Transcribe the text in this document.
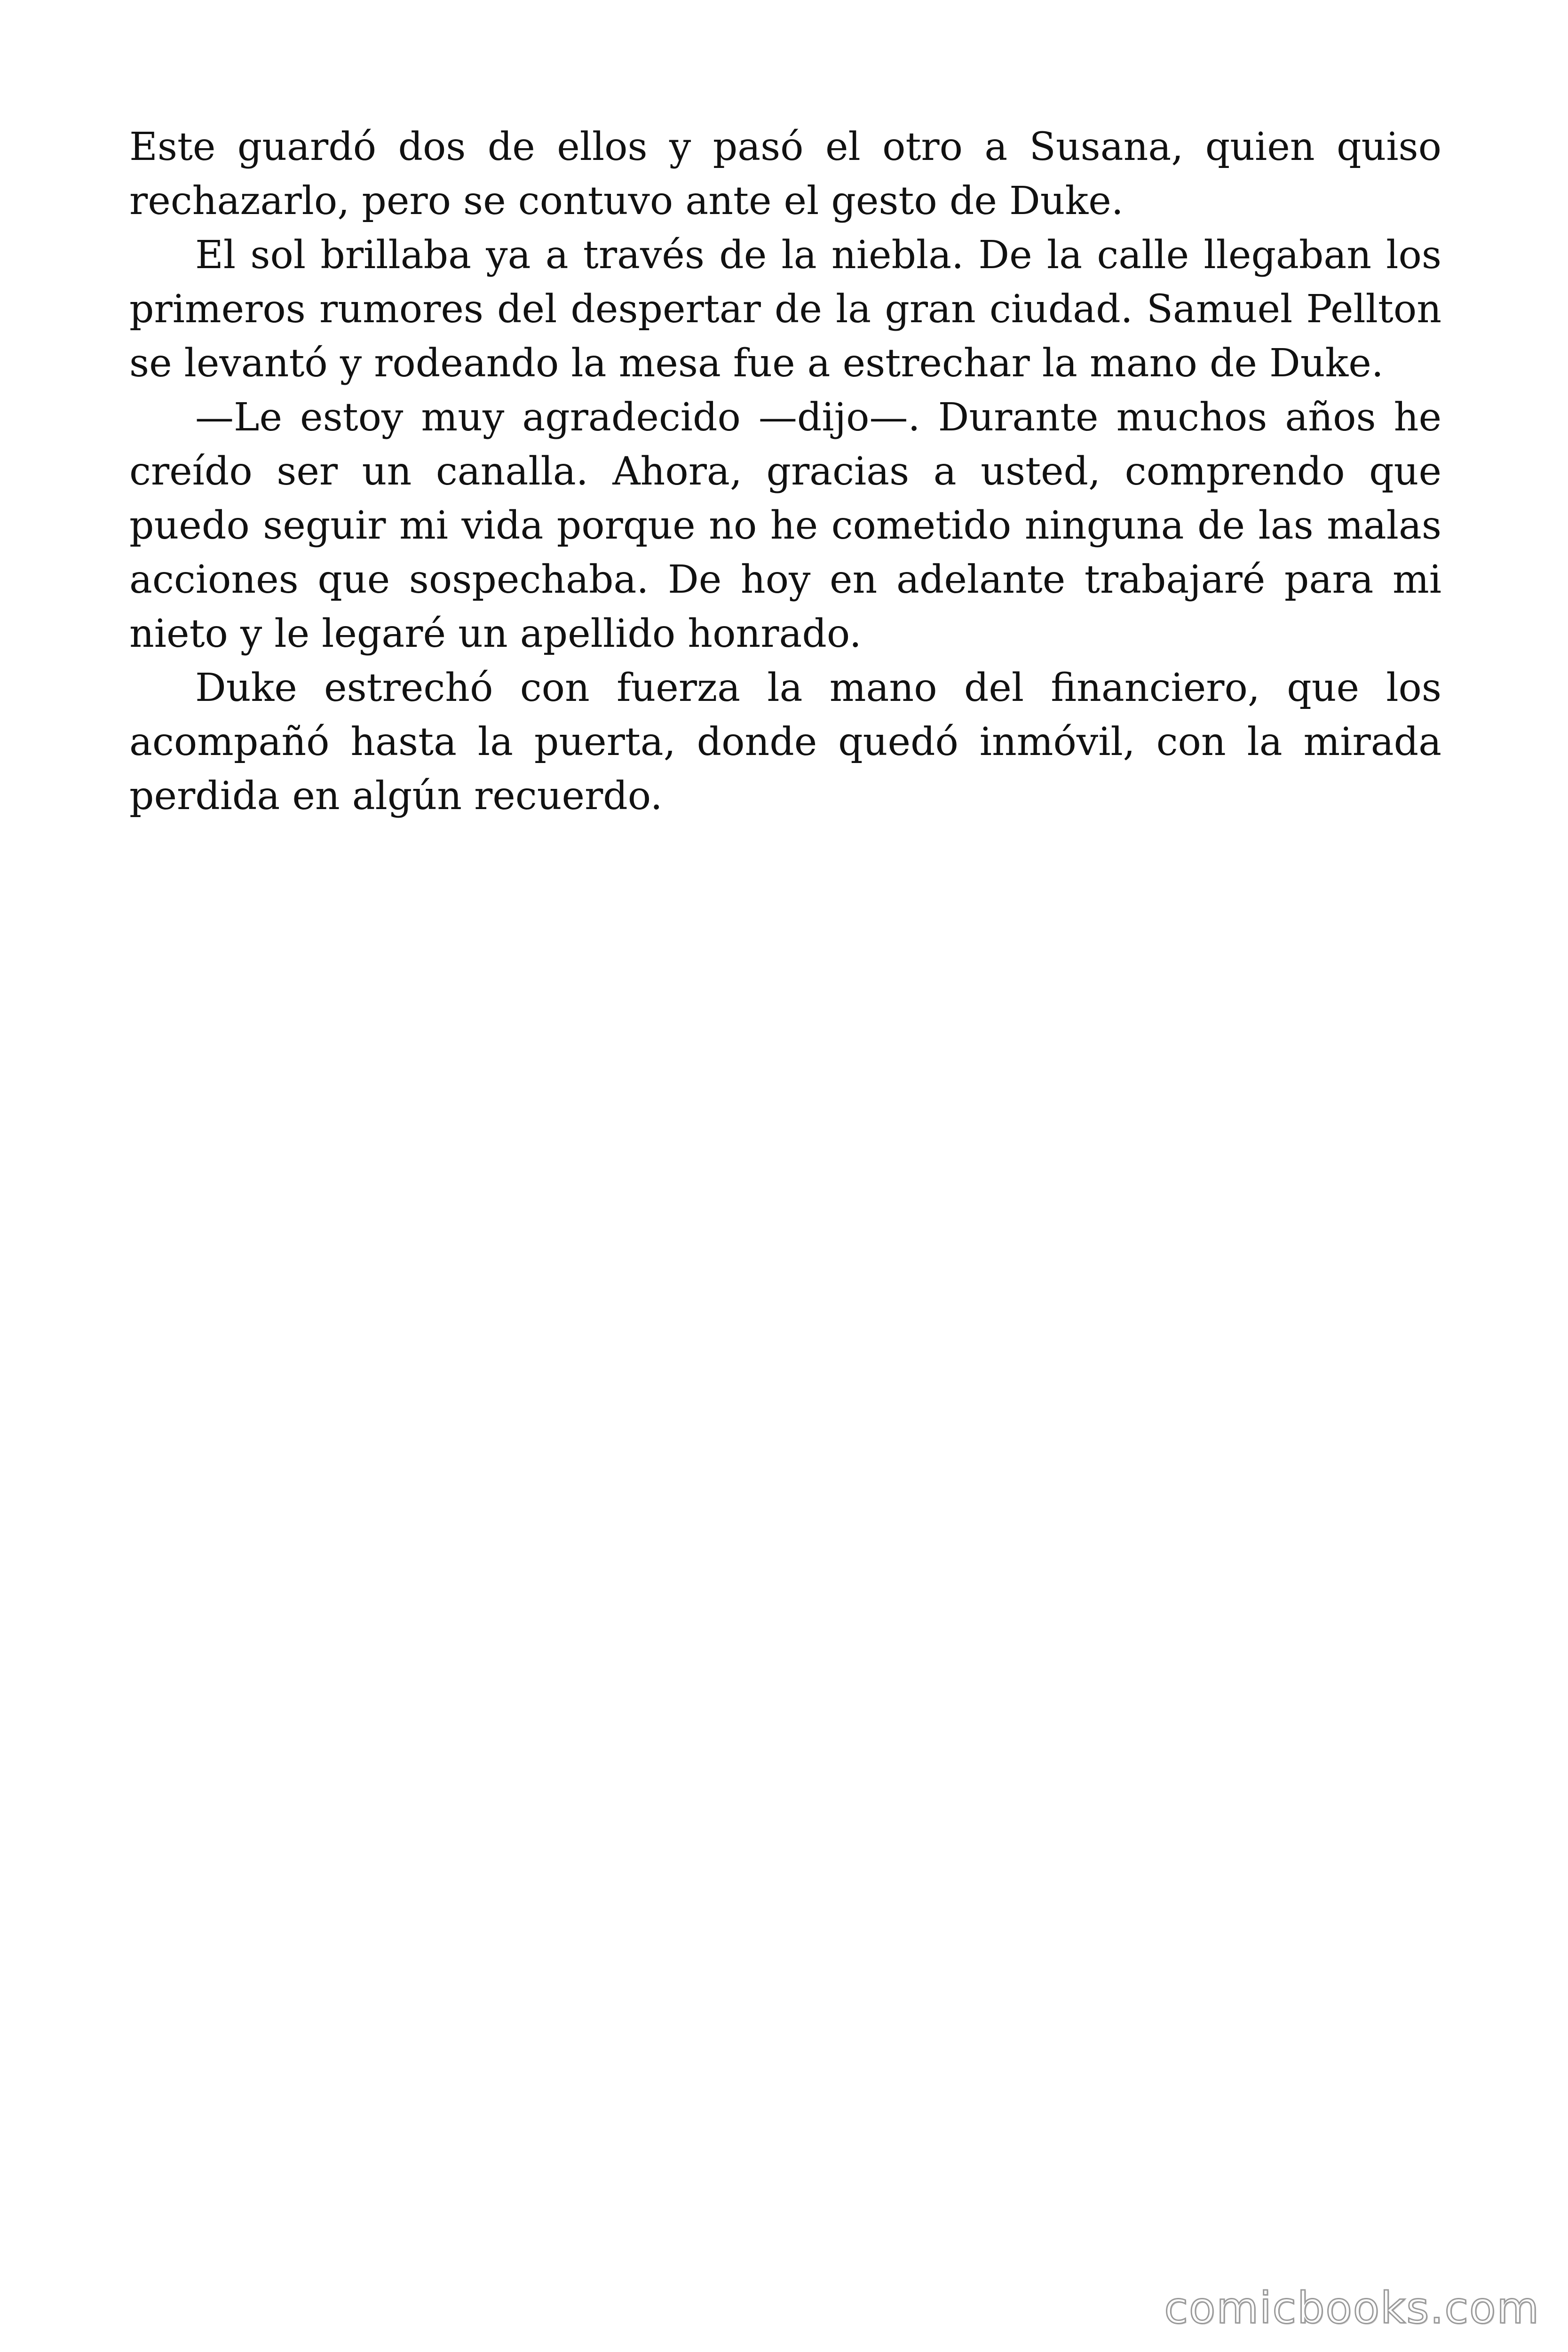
Este guardó dos de ellos y pasó el otro a Susana, quien quiso rechazarlo, pero se contuvo ante el gesto de Duke.

El sol brillaba ya a través de la niebla. De la calle llegaban los primeros rumores del despertar de la gran ciudad. Samuel Pellton se levantó y rodeando la mesa fue a estrechar la mano de Duke.

—Le estoy muy agradecido —dijo—. Durante muchos años he creído ser un canalla. Ahora, gracias a usted, comprendo que puedo seguir mi vida porque no he cometido ninguna de las malas acciones que sospechaba. De hoy en adelante trabajaré para mi nieto y le legaré un apellido honrado.

Duke estrechó con fuerza la mano del financiero, que los acompañó hasta la puerta, donde quedó inmóvil, con la mirada perdida en algún recuerdo.

comicbooks.com
